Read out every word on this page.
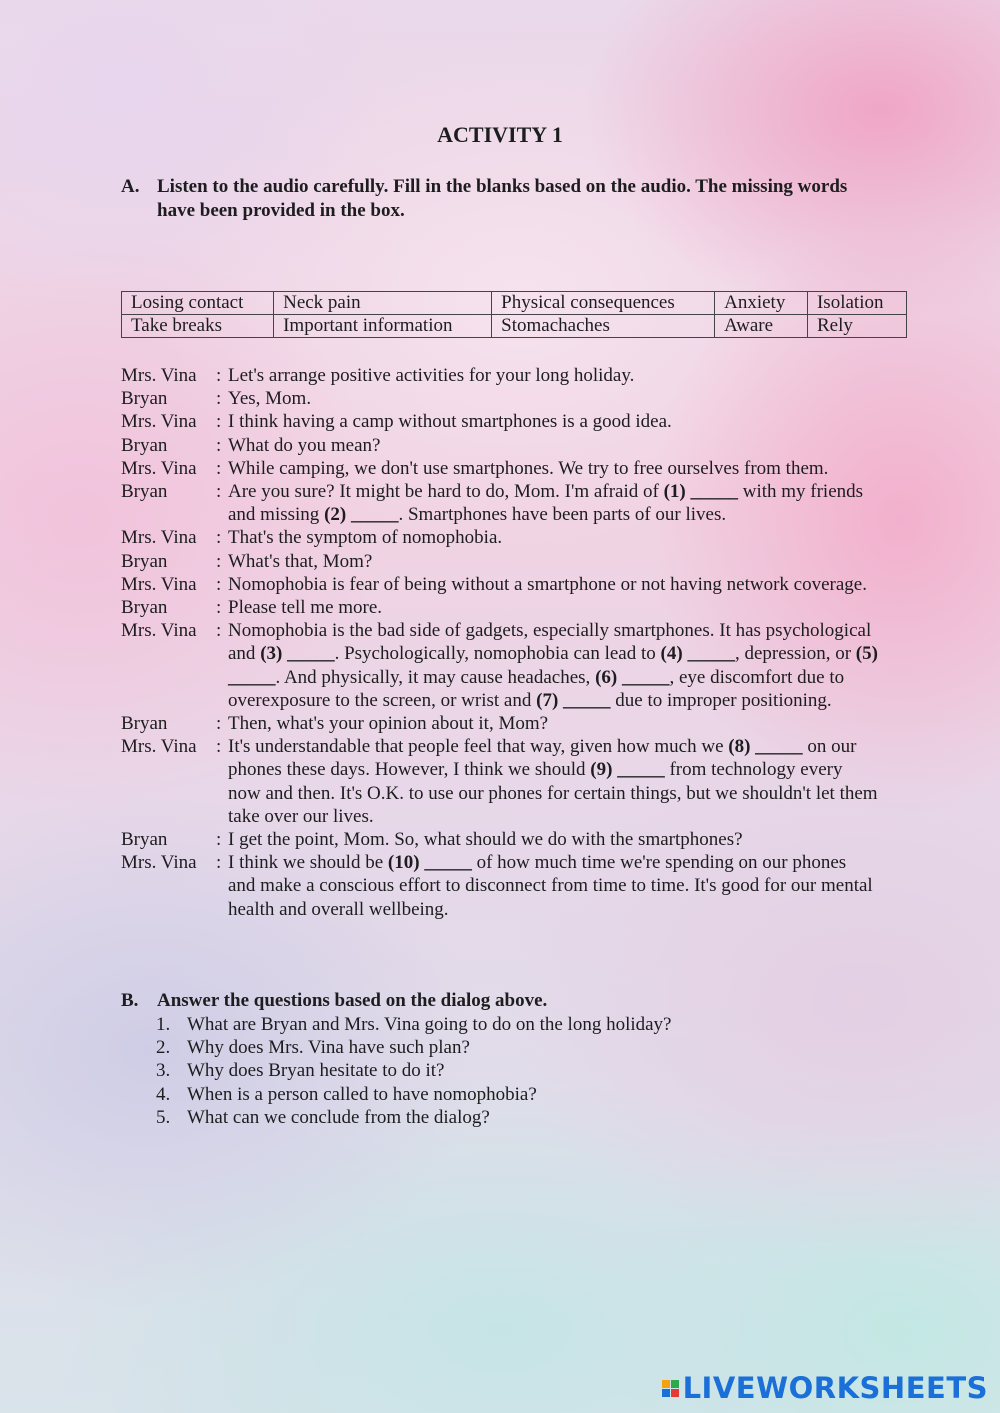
ACTIVITY 1
A. Listen to the audio carefully. Fill in the blanks based on the audio. The missing words have been provided in the box.
Losing contact	Neck pain	Physical consequences	Anxiety	Isolation
Take breaks	Important information	Stomachaches	Aware	Rely
Mrs. Vina	: Let's arrange positive activities for your long holiday.
Bryan	: Yes, Mom.
Mrs. Vina	: I think having a camp without smartphones is a good idea.
Bryan	: What do you mean?
Mrs. Vina	: While camping, we don't use smartphones. We try to free ourselves from them.
Bryan	: Are you sure? It might be hard to do, Mom. I'm afraid of (1) _____ with my friends and missing (2) _____. Smartphones have been parts of our lives.
Mrs. Vina	: That's the symptom of nomophobia.
Bryan	: What's that, Mom?
Mrs. Vina	: Nomophobia is fear of being without a smartphone or not having network coverage.
Bryan	: Please tell me more.
Mrs. Vina	: Nomophobia is the bad side of gadgets, especially smartphones. It has psychological and (3) _____. Psychologically, nomophobia can lead to (4) _____, depression, or (5) _____. And physically, it may cause headaches, (6) _____, eye discomfort due to overexposure to the screen, or wrist and (7) _____ due to improper positioning.
Bryan	: Then, what's your opinion about it, Mom?
Mrs. Vina	: It's understandable that people feel that way, given how much we (8) _____ on our phones these days. However, I think we should (9) _____ from technology every now and then. It's O.K. to use our phones for certain things, but we shouldn't let them take over our lives.
Bryan	: I get the point, Mom. So, what should we do with the smartphones?
Mrs. Vina	: I think we should be (10) _____ of how much time we're spending on our phones and make a conscious effort to disconnect from time to time. It's good for our mental health and overall wellbeing.
B. Answer the questions based on the dialog above.
1. What are Bryan and Mrs. Vina going to do on the long holiday?
2. Why does Mrs. Vina have such plan?
3. Why does Bryan hesitate to do it?
4. When is a person called to have nomophobia?
5. What can we conclude from the dialog?
LIVEWORKSHEETS
